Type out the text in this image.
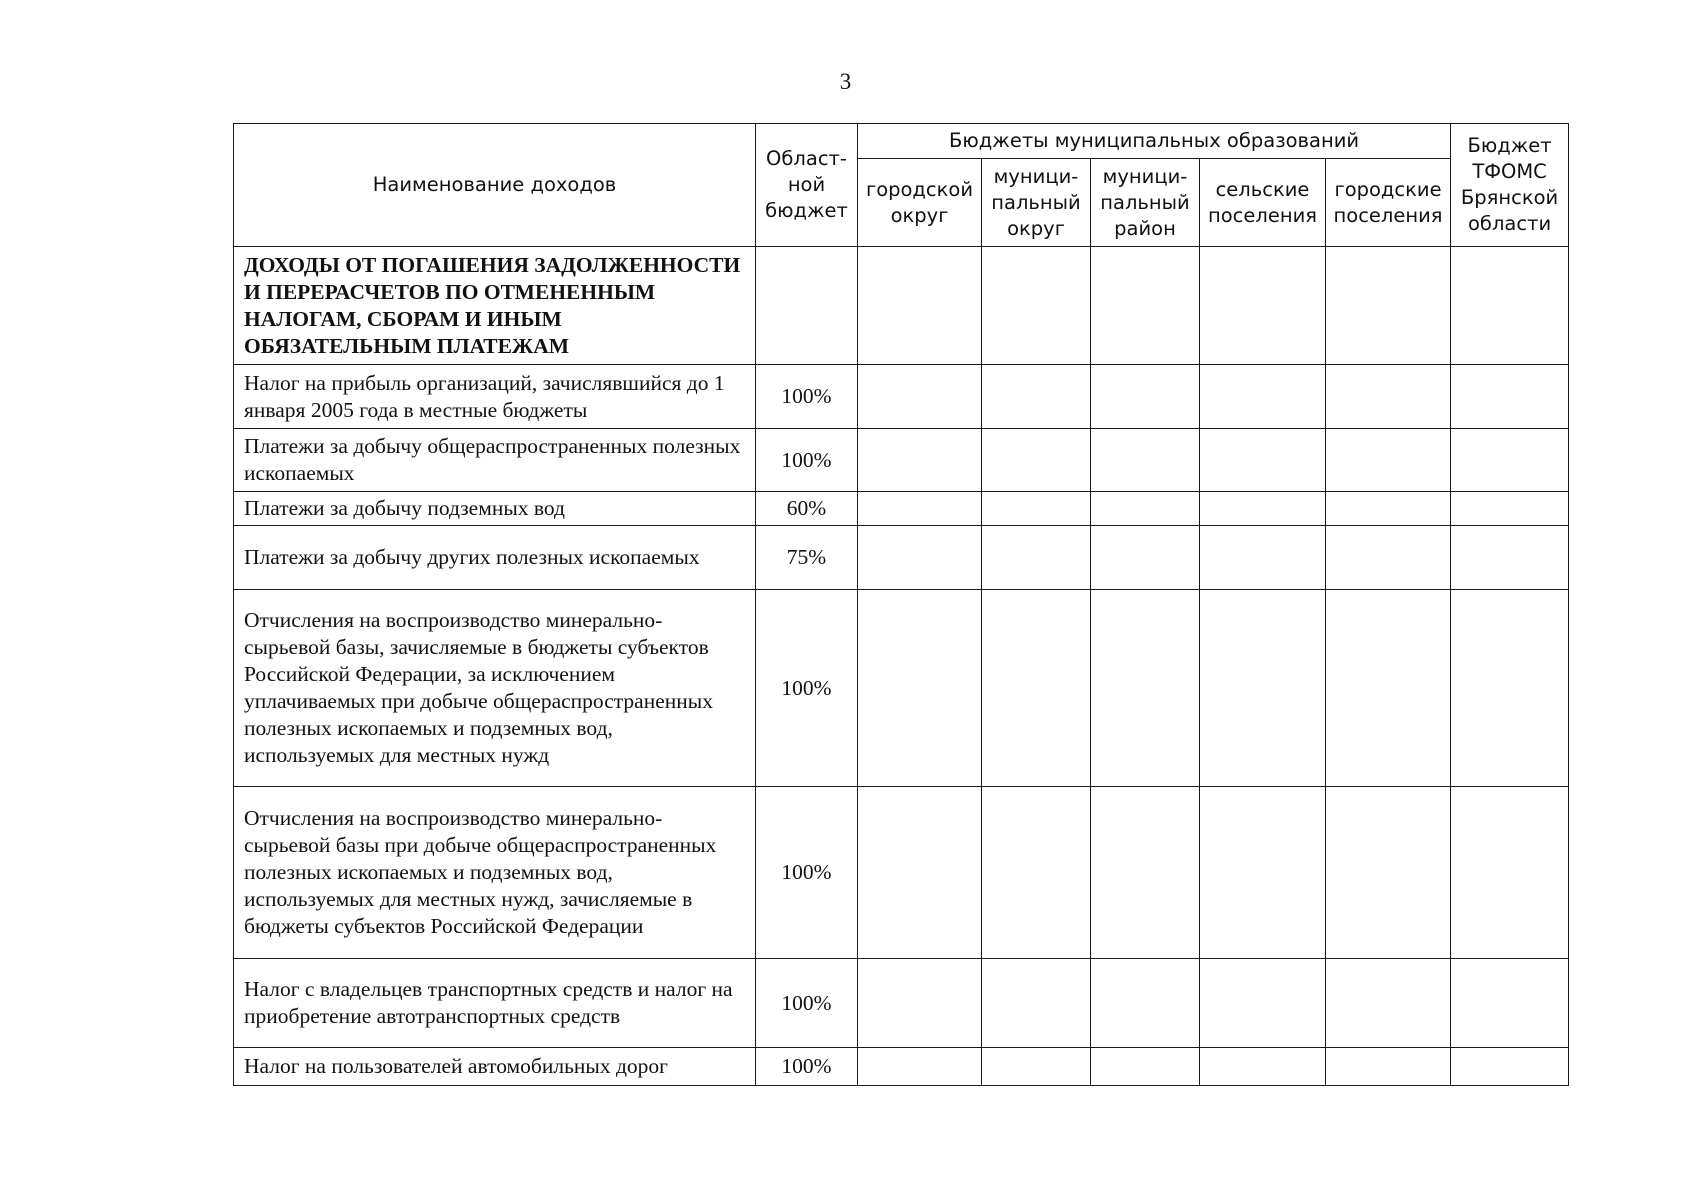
3
Наименование доходов	Област-
ной
бюджет	Бюджеты муниципальных образований					Бюджет
ТФОМС
Брянской
области
		городской
округ	муници-
пальный
округ	муници-
пальный
район	сельские
поселения	городские
поселения	
ДОХОДЫ ОТ ПОГАШЕНИЯ ЗАДОЛЖЕННОСТИ И ПЕРЕРАСЧЕТОВ ПО ОТМЕНЕННЫМ НАЛОГАМ, СБОРАМ И ИНЫМ ОБЯЗАТЕЛЬНЫМ ПЛАТЕЖАМ							
Налог на прибыль организаций, зачислявшийся до 1 января 2005 года в местные бюджеты	100%						
Платежи за добычу общераспространенных полезных ископаемых	100%						
Платежи за добычу подземных вод	60%						
Платежи за добычу других полезных ископаемых	75%						
Отчисления на воспроизводство минерально-сырьевой базы, зачисляемые в бюджеты субъектов Российской Федерации, за исключением уплачиваемых при добыче общераспространенных полезных ископаемых и подземных вод, используемых для местных нужд	100%						
Отчисления на воспроизводство минерально-сырьевой базы при добыче общераспространенных полезных ископаемых и подземных вод, используемых для местных нужд, зачисляемые в бюджеты субъектов Российской Федерации	100%						
Налог с владельцев транспортных средств и налог на приобретение автотранспортных средств	100%						
Налог на пользователей автомобильных дорог	100%						
